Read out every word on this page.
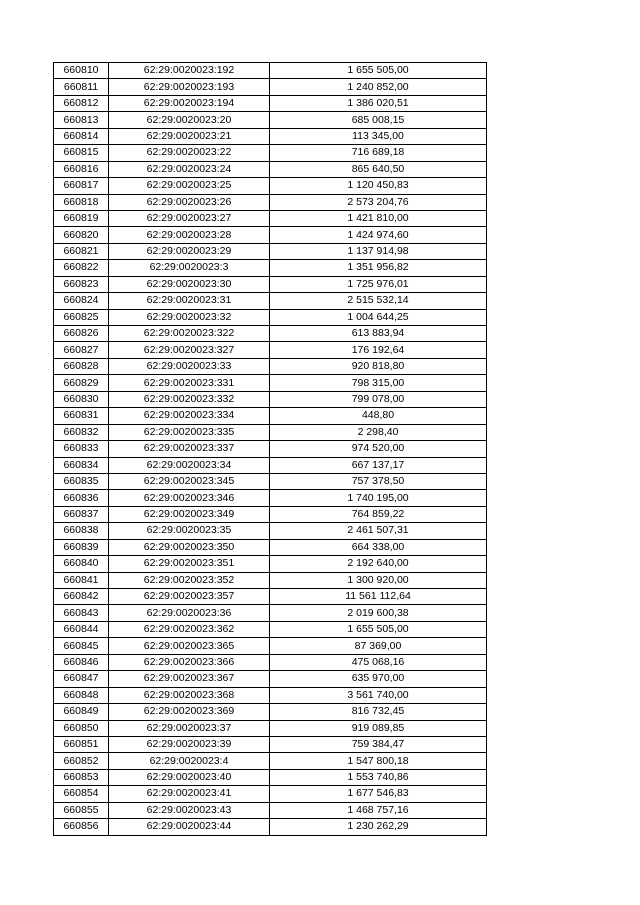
660810	62:29:0020023:192	1 655 505,00
660811	62:29:0020023:193	1 240 852,00
660812	62:29:0020023:194	1 386 020,51
660813	62:29:0020023:20	685 008,15
660814	62:29:0020023:21	113 345,00
660815	62:29:0020023:22	716 689,18
660816	62:29:0020023:24	865 640,50
660817	62:29:0020023:25	1 120 450,83
660818	62:29:0020023:26	2 573 204,76
660819	62:29:0020023:27	1 421 810,00
660820	62:29:0020023:28	1 424 974,60
660821	62:29:0020023:29	1 137 914,98
660822	62:29:0020023:3	1 351 956,82
660823	62:29:0020023:30	1 725 976,01
660824	62:29:0020023:31	2 515 532,14
660825	62:29:0020023:32	1 004 644,25
660826	62:29:0020023:322	613 883,94
660827	62:29:0020023:327	176 192,64
660828	62:29:0020023:33	920 818,80
660829	62:29:0020023:331	798 315,00
660830	62:29:0020023:332	799 078,00
660831	62:29:0020023:334	448,80
660832	62:29:0020023:335	2 298,40
660833	62:29:0020023:337	974 520,00
660834	62:29:0020023:34	667 137,17
660835	62:29:0020023:345	757 378,50
660836	62:29:0020023:346	1 740 195,00
660837	62:29:0020023:349	764 859,22
660838	62:29:0020023:35	2 461 507,31
660839	62:29:0020023:350	664 338,00
660840	62:29:0020023:351	2 192 640,00
660841	62:29:0020023:352	1 300 920,00
660842	62:29:0020023:357	11 561 112,64
660843	62:29:0020023:36	2 019 600,38
660844	62:29:0020023:362	1 655 505,00
660845	62:29:0020023:365	87 369,00
660846	62:29:0020023:366	475 068,16
660847	62:29:0020023:367	635 970,00
660848	62:29:0020023:368	3 561 740,00
660849	62:29:0020023:369	816 732,45
660850	62:29:0020023:37	919 089,85
660851	62:29:0020023:39	759 384,47
660852	62:29:0020023:4	1 547 800,18
660853	62:29:0020023:40	1 553 740,86
660854	62:29:0020023:41	1 677 546,83
660855	62:29:0020023:43	1 468 757,16
660856	62:29:0020023:44	1 230 262,29
